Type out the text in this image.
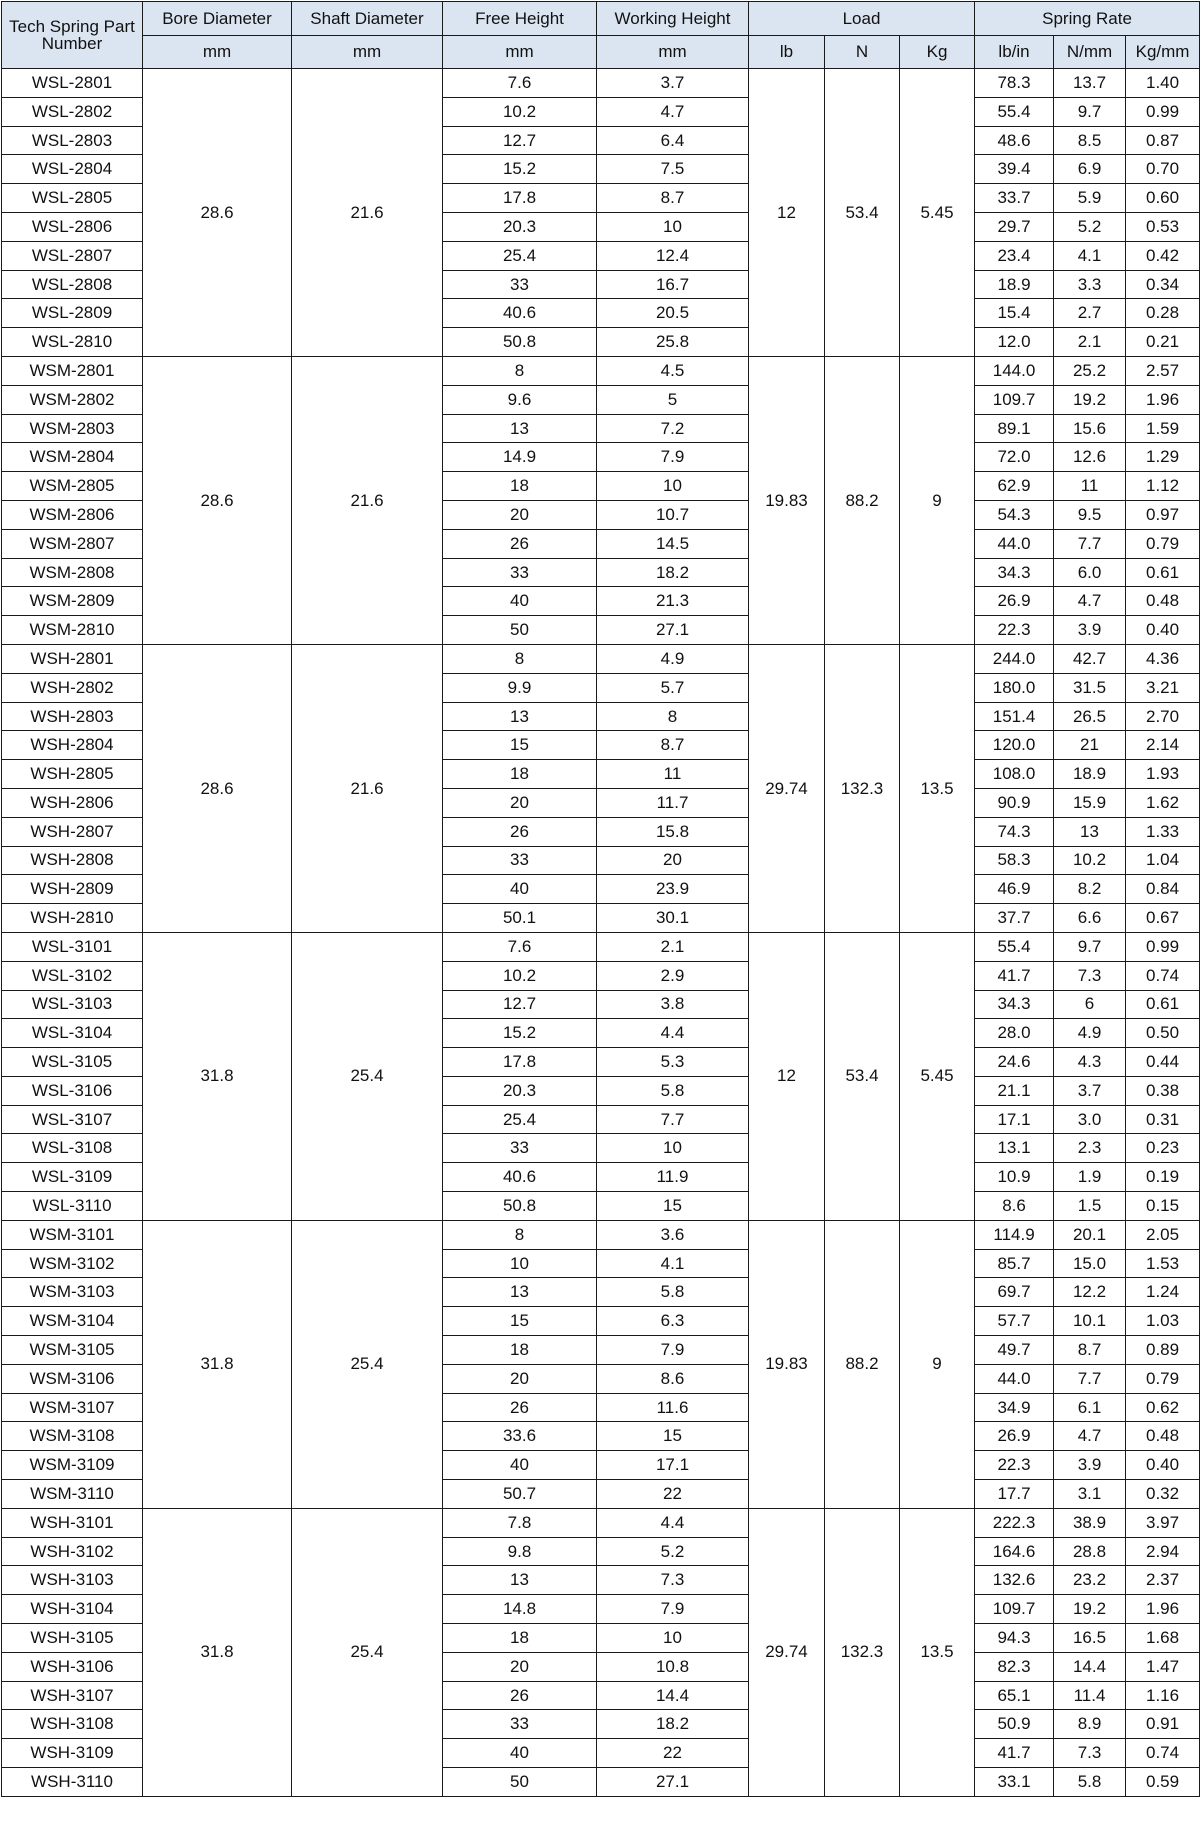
Tech Spring Part Number	Bore Diameter	Shaft Diameter	Free Height	Working Height	Load			Spring Rate		
	mm	mm	mm	mm	lb	N	Kg	lb/in	N/mm	Kg/mm
WSL-2801	28.6	21.6	7.6	3.7	12	53.4	5.45	78.3	13.7	1.40
WSL-2802			10.2	4.7				55.4	9.7	0.99
WSL-2803			12.7	6.4				48.6	8.5	0.87
WSL-2804			15.2	7.5				39.4	6.9	0.70
WSL-2805			17.8	8.7				33.7	5.9	0.60
WSL-2806			20.3	10				29.7	5.2	0.53
WSL-2807			25.4	12.4				23.4	4.1	0.42
WSL-2808			33	16.7				18.9	3.3	0.34
WSL-2809			40.6	20.5				15.4	2.7	0.28
WSL-2810			50.8	25.8				12.0	2.1	0.21
WSM-2801	28.6	21.6	8	4.5	19.83	88.2	9	144.0	25.2	2.57
WSM-2802			9.6	5				109.7	19.2	1.96
WSM-2803			13	7.2				89.1	15.6	1.59
WSM-2804			14.9	7.9				72.0	12.6	1.29
WSM-2805			18	10				62.9	11	1.12
WSM-2806			20	10.7				54.3	9.5	0.97
WSM-2807			26	14.5				44.0	7.7	0.79
WSM-2808			33	18.2				34.3	6.0	0.61
WSM-2809			40	21.3				26.9	4.7	0.48
WSM-2810			50	27.1				22.3	3.9	0.40
WSH-2801	28.6	21.6	8	4.9	29.74	132.3	13.5	244.0	42.7	4.36
WSH-2802			9.9	5.7				180.0	31.5	3.21
WSH-2803			13	8				151.4	26.5	2.70
WSH-2804			15	8.7				120.0	21	2.14
WSH-2805			18	11				108.0	18.9	1.93
WSH-2806			20	11.7				90.9	15.9	1.62
WSH-2807			26	15.8				74.3	13	1.33
WSH-2808			33	20				58.3	10.2	1.04
WSH-2809			40	23.9				46.9	8.2	0.84
WSH-2810			50.1	30.1				37.7	6.6	0.67
WSL-3101	31.8	25.4	7.6	2.1	12	53.4	5.45	55.4	9.7	0.99
WSL-3102			10.2	2.9				41.7	7.3	0.74
WSL-3103			12.7	3.8				34.3	6	0.61
WSL-3104			15.2	4.4				28.0	4.9	0.50
WSL-3105			17.8	5.3				24.6	4.3	0.44
WSL-3106			20.3	5.8				21.1	3.7	0.38
WSL-3107			25.4	7.7				17.1	3.0	0.31
WSL-3108			33	10				13.1	2.3	0.23
WSL-3109			40.6	11.9				10.9	1.9	0.19
WSL-3110			50.8	15				8.6	1.5	0.15
WSM-3101	31.8	25.4	8	3.6	19.83	88.2	9	114.9	20.1	2.05
WSM-3102			10	4.1				85.7	15.0	1.53
WSM-3103			13	5.8				69.7	12.2	1.24
WSM-3104			15	6.3				57.7	10.1	1.03
WSM-3105			18	7.9				49.7	8.7	0.89
WSM-3106			20	8.6				44.0	7.7	0.79
WSM-3107			26	11.6				34.9	6.1	0.62
WSM-3108			33.6	15				26.9	4.7	0.48
WSM-3109			40	17.1				22.3	3.9	0.40
WSM-3110			50.7	22				17.7	3.1	0.32
WSH-3101	31.8	25.4	7.8	4.4	29.74	132.3	13.5	222.3	38.9	3.97
WSH-3102			9.8	5.2				164.6	28.8	2.94
WSH-3103			13	7.3				132.6	23.2	2.37
WSH-3104			14.8	7.9				109.7	19.2	1.96
WSH-3105			18	10				94.3	16.5	1.68
WSH-3106			20	10.8				82.3	14.4	1.47
WSH-3107			26	14.4				65.1	11.4	1.16
WSH-3108			33	18.2				50.9	8.9	0.91
WSH-3109			40	22				41.7	7.3	0.74
WSH-3110			50	27.1				33.1	5.8	0.59
